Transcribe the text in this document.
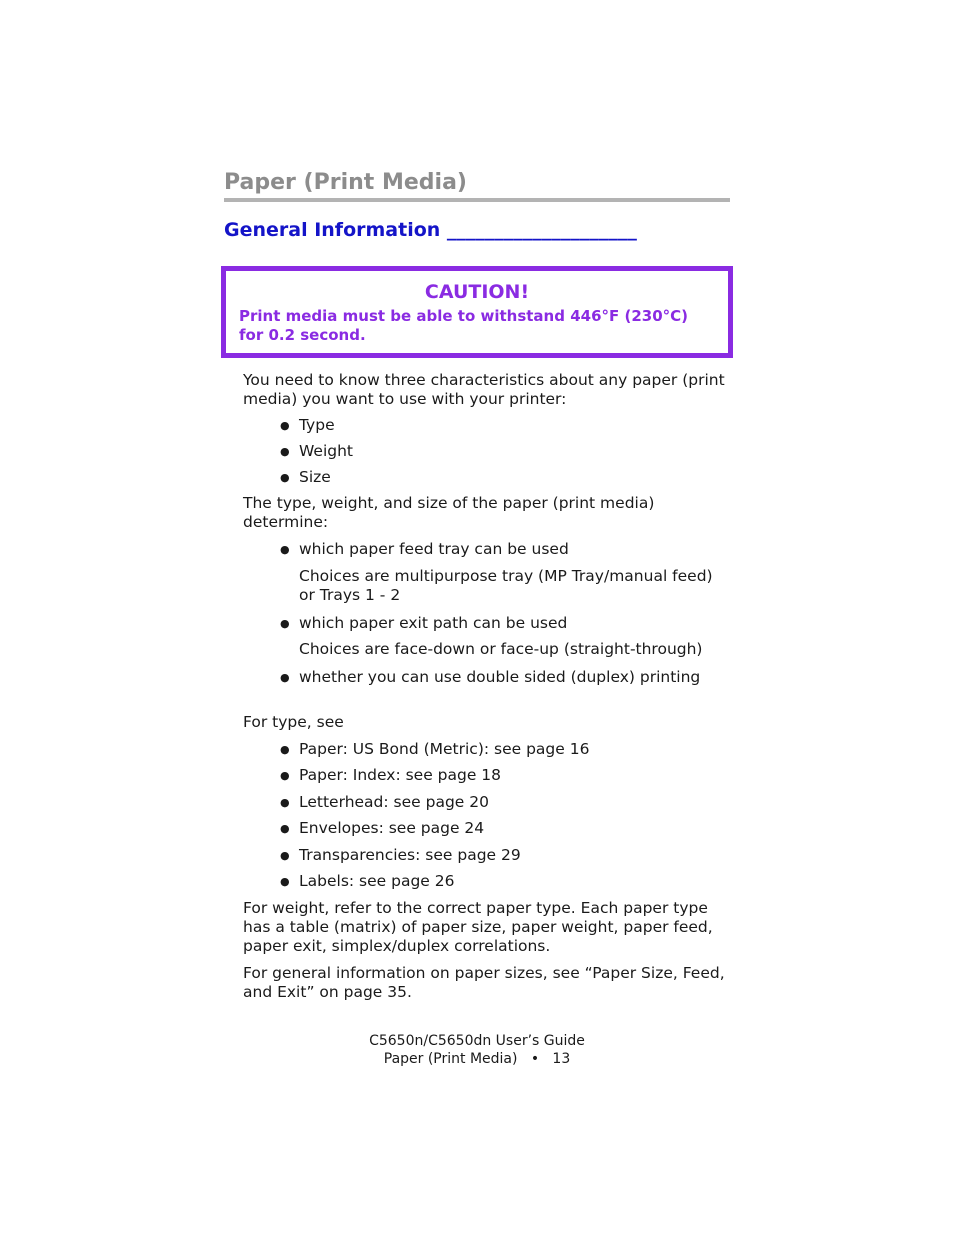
Paper (Print Media)
General Information ____________________
CAUTION!
Print media must be able to withstand 446°F (230°C) for 0.2 second.

You need to know three characteristics about any paper (print media) you want to use with your printer:

● Type
● Weight
● Size

The type, weight, and size of the paper (print media) determine:

● which paper feed tray can be used

Choices are multipurpose tray (MP Tray/manual feed) or Trays 1 - 2

● which paper exit path can be used

Choices are face-down or face-up (straight-through)

● whether you can use double sided (duplex) printing

For type, see

● Paper: US Bond (Metric): see page 16
● Paper: Index: see page 18
● Letterhead: see page 20
● Envelopes: see page 24
● Transparencies: see page 29
● Labels: see page 26

For weight, refer to the correct paper type. Each paper type has a table (matrix) of paper size, paper weight, paper feed, paper exit, simplex/duplex correlations.

For general information on paper sizes, see “Paper Size, Feed, and Exit” on page 35.

C5650n/C5650dn User’s Guide
Paper (Print Media)   •   13
